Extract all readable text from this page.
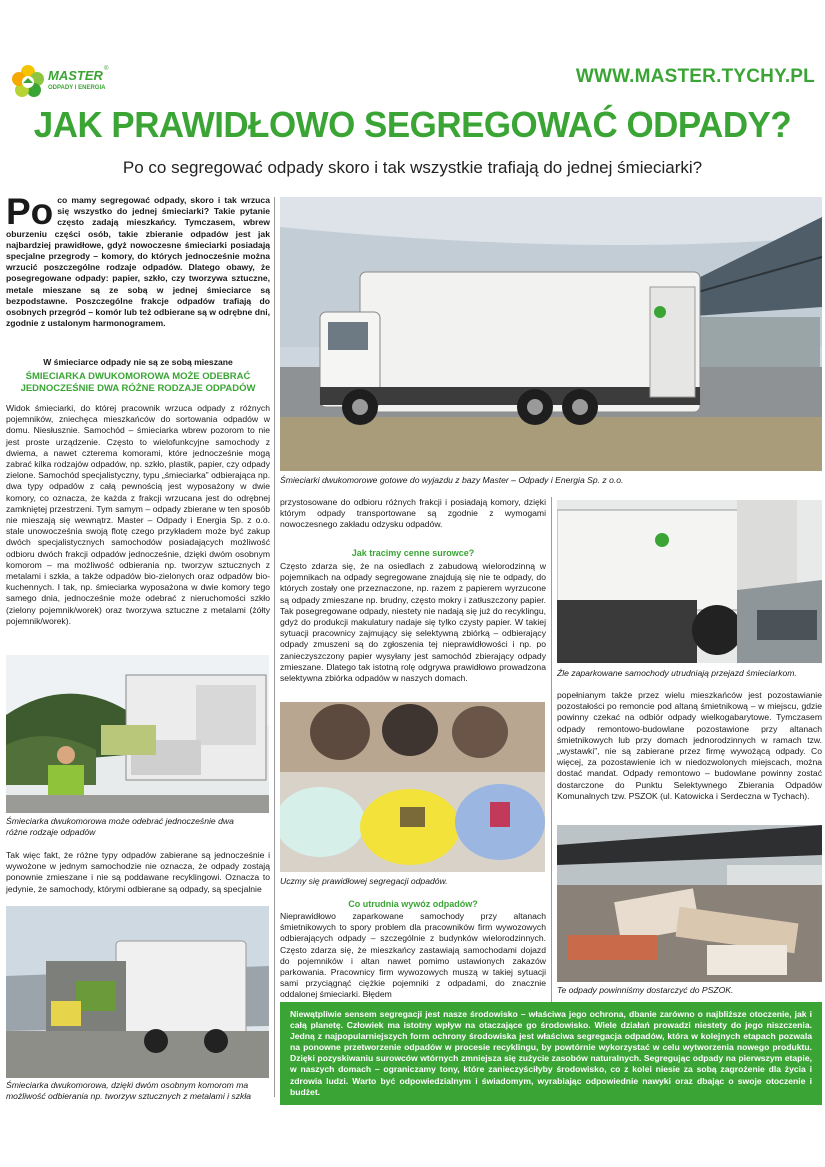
MASTER ®
ODPADY I ENERGIA
WWW.MASTER.TYCHY.PL
JAK PRAWIDŁOWO SEGREGOWAĆ ODPADY?
Po co segregować odpady skoro i tak wszystkie trafiają do jednej śmieciarki?
Po co mamy segregować odpady, skoro i tak wrzuca się wszystko do jednej śmieciarki? Takie pytanie często zadają mieszkańcy. Tymczasem, wbrew oburzeniu części osób, takie zbieranie odpadów jest jak najbardziej prawidłowe, gdyż nowoczesne śmieciarki posiadają specjalne przegrody – komory, do których jednocześnie można wrzucić poszczególne rodzaje odpadów. Dlatego obawy, że posegregowane odpady: papier, szkło, czy tworzywa sztuczne, metale mieszane są ze sobą w jednej śmieciarce są bezpodstawne. Poszczególne frakcje odpadów trafiają do osobnych przegród – komór lub też odbierane są w odrębne dni, zgodnie z ustalonym harmonogramem.

W śmieciarce odpady nie są ze sobą mieszane
ŚMIECIARKA DWUKOMOROWA MOŻE ODEBRAĆ JEDNOCZEŚNIE DWA RÓŻNE RODZAJE ODPADÓW

Widok śmieciarki, do której pracownik wrzuca odpady z różnych pojemników, zniechęca mieszkańców do sortowania odpadów w domu. Niesłusznie. Samochód – śmieciarka wbrew pozorom to nie jest proste urządzenie. Często to wielofunkcyjne samochody z dwiema, a nawet czterema komorami, które jednocześnie mogą zabrać kilka rodzajów odpadów, np. szkło, plastik, papier, czy odpady zielone. Samochód specjalistyczny, typu „śmieciarka” odbierająca np. dwa typy odpadów z całą pewnością jest wyposażony w dwie komory, co oznacza, że każda z frakcji wrzucana jest do odrębnej zamkniętej przestrzeni. Tym samym – odpady zbierane w ten sposób nie mieszają się wewnątrz. Master – Odpady i Energia Sp. z o.o. stale unowocześnia swoją flotę czego przykładem może być zakup dwóch specjalistycznych samochodów posiadających możliwość odbioru dwóch frakcji odpadów jednocześnie, dzięki dwóm osobnym komorom – ma możliwość odbierania np. tworzyw sztucznych z metalami i szkła, a także odpadów bio-zielonych oraz odpadów bio-kuchennych. I tak, np. śmieciarka wyposażona w dwie komory tego samego dnia, jednocześnie może odebrać z nieruchomości szkło (zielony pojemnik/worek) oraz tworzywa sztuczne z metalami (żółty pojemnik/worek).

Śmieciarka dwukomorowa może odebrać jednocześnie dwa różne rodzaje odpadów

Tak więc fakt, że różne typy odpadów zabierane są jednocześnie i wywożone w jednym samochodzie nie oznacza, że odpady zostają ponownie zmieszane i nie są poddawane recyklingowi. Oznacza to jedynie, że samochody, którymi odbierane są odpady, są specjalnie

Śmieciarka dwukomorowa, dzięki dwóm osobnym komorom ma możliwość odbierania np. tworzyw sztucznych z metalami i szkła

Śmieciarki dwukomorowe gotowe do wyjazdu z bazy Master – Odpady i Energia Sp. z o.o.

przystosowane do odbioru różnych frakcji i posiadają komory, dzięki którym odpady transportowane są zgodnie z wymogami nowoczesnego zakładu odzysku odpadów.

Jak tracimy cenne surowce?

Często zdarza się, że na osiedlach z zabudową wielorodzinną w pojemnikach na odpady segregowane znajdują się nie te odpady, do których zostały one przeznaczone, np. razem z papierem wyrzucone są odpady zmieszane np. brudny, często mokry i zatłuszczony papier. Tak posegregowane odpady, niestety nie nadają się już do recyklingu, gdyż do produkcji makulatury nadaje się tylko czysty papier. W takiej sytuacji pracownicy zajmujący się selektywną zbiórką – odbierający odpady zmuszeni są do zgłoszenia tej nieprawidłowości i np. po zanieczyszczony papier wysyłany jest samochód zbierający odpady zmieszane. Dlatego tak istotną rolę odgrywa prawidłowo prowadzona selektywna zbiórka odpadów w naszych domach.

Uczmy się prawidłowej segregacji odpadów.

Co utrudnia wywóz odpadów?

Nieprawidłowo zaparkowane samochody przy altanach śmietnikowych to spory problem dla pracowników firm wywozowych odbierających odpady – szczególnie z budynków wielorodzinnych. Często zdarza się, że mieszkańcy zastawiają samochodami dojazd do pojemników i altan nawet pomimo ustawionych zakazów parkowania. Pracownicy firm wywozowych muszą w takiej sytuacji sami przyciągnąć ciężkie pojemniki z odpadami, do znacznie oddalonej śmieciarki. Błędem

Źle zaparkowane samochody utrudniają przejazd śmieciarkom.

popełnianym także przez wielu mieszkańców jest pozostawianie pozostałości po remoncie pod altaną śmietnikową – w miejscu, gdzie powinny czekać na odbiór odpady wielkogabarytowe. Tymczasem odpady remontowo-budowlane pozostawione przy altanach śmietnikowych lub przy domach jednorodzinnych w ramach tzw. „wystawki”, nie są zabierane przez firmę wywożącą odpady. Co więcej, za pozostawienie ich w niedozwolonych miejscach, można dostać mandat. Odpady remontowo – budowlane powinny zostać dostarczone do Punktu Selektywnego Zbierania Odpadów Komunalnych tzw. PSZOK (ul. Katowicka i Serdeczna w Tychach).

Te odpady powinniśmy dostarczyć do PSZOK.

Niewątpliwie sensem segregacji jest nasze środowisko – właściwa jego ochrona, dbanie zarówno o najbliższe otoczenie, jak i całą planetę. Człowiek ma istotny wpływ na otaczające go środowisko. Wiele działań prowadzi niestety do jego niszczenia. Jedną z najpopularniejszych form ochrony środowiska jest właściwa segregacja odpadów, która w kolejnych etapach pozwala na ponowne przetworzenie odpadów w procesie recyklingu, by powtórnie wykorzystać w celu wytworzenia nowego produktu. Dzięki pozyskiwaniu surowców wtórnych zmniejsza się zużycie zasobów naturalnych. Segregując odpady na pierwszym etapie, w naszych domach – ograniczamy tony, które zanieczyściłyby środowisko, co z kolei niesie za sobą zagrożenie dla życia i zdrowia ludzi. Warto być odpowiedzialnym i świadomym, wyrabiając odpowiednie nawyki oraz dbając o swoje otoczenie i budżet.
